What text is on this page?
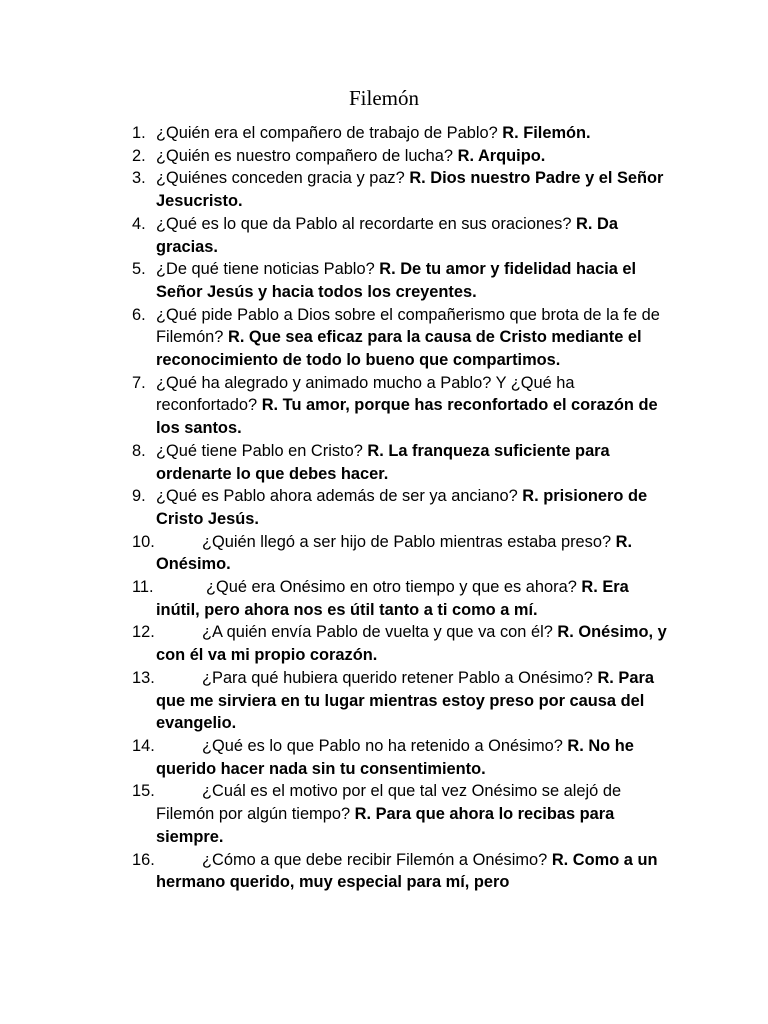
Filemón
1. ¿Quién era el compañero de trabajo de Pablo? R. Filemón.
2. ¿Quién es nuestro compañero de lucha? R. Arquipo.
3. ¿Quiénes conceden gracia y paz? R. Dios nuestro Padre y el Señor Jesucristo.
4. ¿Qué es lo que da Pablo al recordarte en sus oraciones? R. Da gracias.
5. ¿De qué tiene noticias Pablo? R. De tu amor y fidelidad hacia el Señor Jesús y hacia todos los creyentes.
6. ¿Qué pide Pablo a Dios sobre el compañerismo que brota de la fe de Filemón? R. Que sea eficaz para la causa de Cristo mediante el reconocimiento de todo lo bueno que compartimos.
7. ¿Qué ha alegrado y animado mucho a Pablo? Y ¿Qué ha reconfortado? R. Tu amor, porque has reconfortado el corazón de los santos.
8. ¿Qué tiene Pablo en Cristo? R. La franqueza suficiente para ordenarte lo que debes hacer.
9. ¿Qué es Pablo ahora además de ser ya anciano? R. prisionero de Cristo Jesús.
10.	¿Quién llegó a ser hijo de Pablo mientras estaba preso? R. Onésimo.
11.	¿Qué era Onésimo en otro tiempo y que es ahora? R. Era inútil, pero ahora nos es útil tanto a ti como a mí.
12.	¿A quién envía Pablo de vuelta y que va con él? R. Onésimo, y con él va mi propio corazón.
13.	¿Para qué hubiera querido retener Pablo a Onésimo? R. Para que me sirviera en tu lugar mientras estoy preso por causa del evangelio.
14.	¿Qué es lo que Pablo no ha retenido a Onésimo? R. No he querido hacer nada sin tu consentimiento.
15.	¿Cuál es el motivo por el que tal vez Onésimo se alejó de Filemón por algún tiempo? R. Para que ahora lo recibas para siempre.
16.	¿Cómo a que debe recibir Filemón a Onésimo? R. Como a un hermano querido, muy especial para mí, pero
